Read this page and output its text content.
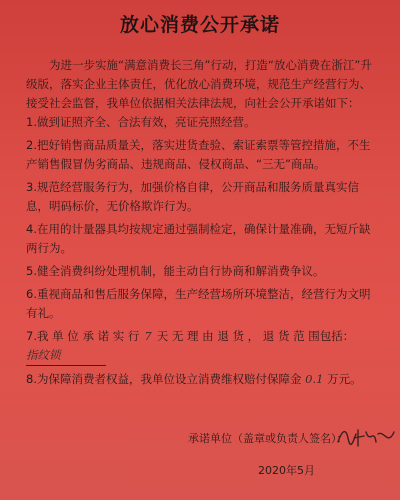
放心消费公开承诺

为进一步实施“满意消费长三角”行动，打造“放心消费在浙江”升级版，落实企业主体责任，优化放心消费环境，规范生产经营行为、接受社会监督，我单位依据相关法律法规，向社会公开承诺如下：

1.做到证照齐全、合法有效，亮证亮照经营。

2.把好销售商品质量关，落实进货查验、索证索票等管控措施，不生产销售假冒伪劣商品、违规商品、侵权商品、“三无”商品。

3.规范经营服务行为，加强价格自律，公开商品和服务质量真实信息，明码标价，无价格欺诈行为。

4.在用的计量器具均按规定通过强制检定，确保计量准确，无短斤缺两行为。

5.健全消费纠纷处理机制，能主动自行协商和解消费争议。

6.重视商品和售后服务保障，生产经营场所环境整洁，经营行为文明有礼。

7.我 单 位 承 诺 实 行 7 天 无 理 由 退 货 ， 退 货 范 围包括： 指纹锁

8.为保障消费者权益，我单位设立消费维权赔付保障金 0.1 万元。

承诺单位（盖章或负责人签名）：
2020年5月
